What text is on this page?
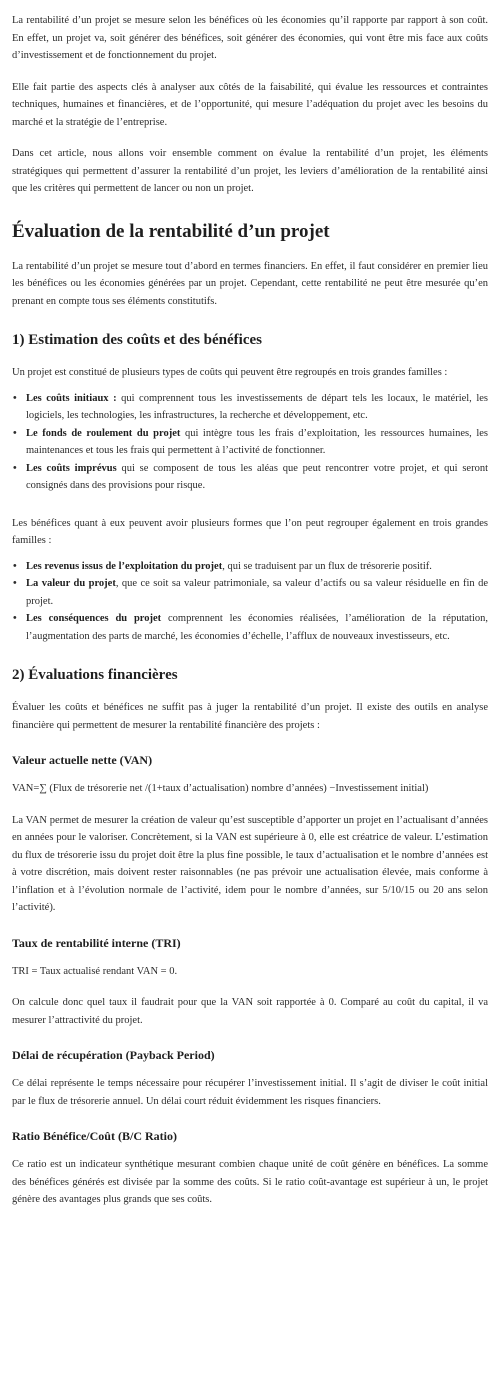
La rentabilité d’un projet se mesure selon les bénéfices où les économies qu’il rapporte par rapport à son coût. En effet, un projet va, soit générer des bénéfices, soit générer des économies, qui vont être mis face aux coûts d’investissement et de fonctionnement du projet.

Elle fait partie des aspects clés à analyser aux côtés de la faisabilité, qui évalue les ressources et contraintes techniques, humaines et financières, et de l’opportunité, qui mesure l’adéquation du projet avec les besoins du marché et la stratégie de l’entreprise.

Dans cet article, nous allons voir ensemble comment on évalue la rentabilité d’un projet, les éléments stratégiques qui permettent d’assurer la rentabilité d’un projet, les leviers d’amélioration de la rentabilité ainsi que les critères qui permettent de lancer ou non un projet.

Évaluation de la rentabilité d’un projet

La rentabilité d’un projet se mesure tout d’abord en termes financiers. En effet, il faut considérer en premier lieu les bénéfices ou les économies générées par un projet. Cependant, cette rentabilité ne peut être mesurée qu’en prenant en compte tous ses éléments constitutifs.

1) Estimation des coûts et des bénéfices

Un projet est constitué de plusieurs types de coûts qui peuvent être regroupés en trois grandes familles :

• Les coûts initiaux : qui comprennent tous les investissements de départ tels les locaux, le matériel, les logiciels, les technologies, les infrastructures, la recherche et développement, etc.
• Le fonds de roulement du projet qui intègre tous les frais d’exploitation, les ressources humaines, les maintenances et tous les frais qui permettent à l’activité de fonctionner.
• Les coûts imprévus qui se composent de tous les aléas que peut rencontrer votre projet, et qui seront consignés dans des provisions pour risque.

Les bénéfices quant à eux peuvent avoir plusieurs formes que l’on peut regrouper également en trois grandes familles :

• Les revenus issus de l’exploitation du projet, qui se traduisent par un flux de trésorerie positif.
• La valeur du projet, que ce soit sa valeur patrimoniale, sa valeur d’actifs ou sa valeur résiduelle en fin de projet.
• Les conséquences du projet comprennent les économies réalisées, l’amélioration de la réputation, l’augmentation des parts de marché, les économies d’échelle, l’afflux de nouveaux investisseurs, etc.
2) Évaluations financières

Évaluer les coûts et bénéfices ne suffit pas à juger la rentabilité d’un projet. Il existe des outils en analyse financière qui permettent de mesurer la rentabilité financière des projets :

Valeur actuelle nette (VAN)

VAN=∑ (Flux de trésorerie net /(1+taux d’actualisation) nombre d’années) −Investissement initial)

La VAN permet de mesurer la création de valeur qu’est susceptible d’apporter un projet en l’actualisant d’années en années pour le valoriser. Concrètement, si la VAN est supérieure à 0, elle est créatrice de valeur. L’estimation du flux de trésorerie issu du projet doit être la plus fine possible, le taux d’actualisation et le nombre d’années est à votre discrétion, mais doivent rester raisonnables (ne pas prévoir une actualisation élevée, mais conforme à l’inflation et à l’évolution normale de l’activité, idem pour le nombre d’années, sur 5/10/15 ou 20 ans selon l’activité).

Taux de rentabilité interne (TRI)

TRI = Taux actualisé rendant VAN = 0.

On calcule donc quel taux il faudrait pour que la VAN soit rapportée à 0. Comparé au coût du capital, il va mesurer l’attractivité du projet.

Délai de récupération (Payback Period)

Ce délai représente le temps nécessaire pour récupérer l’investissement initial. Il s’agit de diviser le coût initial par le flux de trésorerie annuel. Un délai court réduit évidemment les risques financiers.

Ratio Bénéfice/Coût (B/C Ratio)

Ce ratio est un indicateur synthétique mesurant combien chaque unité de coût génère en bénéfices. La somme des bénéfices générés est divisée par la somme des coûts. Si le ratio coût-avantage est supérieur à un, le projet génère des avantages plus grands que ses coûts.
